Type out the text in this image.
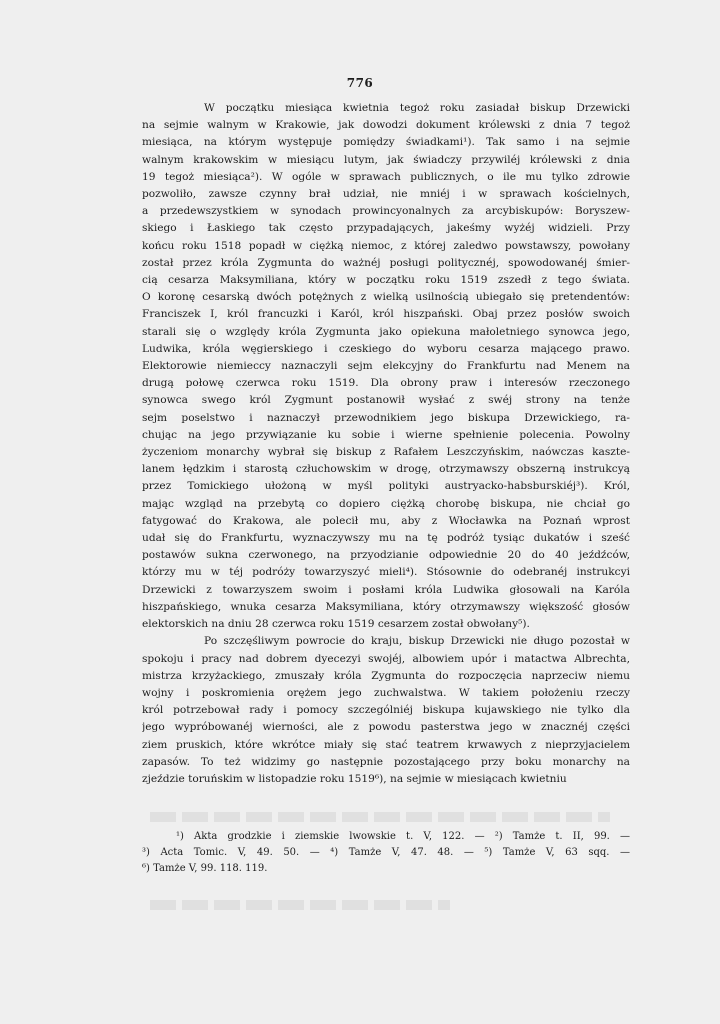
776
W początku miesiąca kwietnia tegoż roku zasiadał biskup Drzewicki
na sejmie walnym w Krakowie, jak dowodzi dokument królewski z dnia 7 tegoż
miesiąca, na którym występuje pomiędzy świadkami¹). Tak samo i na sejmie
walnym krakowskim w miesiącu lutym, jak świadczy przywiléj królewski z dnia
19 tegoż miesiąca²). W ogóle w sprawach publicznych, o ile mu tylko zdrowie
pozwoliło, zawsze czynny brał udział, nie mniéj i w sprawach kościelnych,
a przedewszystkiem w synodach prowincyonalnych za arcybiskupów: Boryszew-
skiego i Łaskiego tak często przypadających, jakeśmy wyżéj widzieli. Przy
końcu roku 1518 popadł w ciężką niemoc, z której zaledwo powstawszy, powołany
został przez króla Zygmunta do ważnéj posługi politycznéj, spowodowanéj śmier-
cią cesarza Maksymiliana, który w początku roku 1519 zszedł z tego świata.
O koronę cesarską dwóch potężnych z wielką usilnością ubiegało się pretendentów:
Franciszek I, król francuzki i Karól, król hiszpański. Obaj przez posłów swoich
starali się o względy króla Zygmunta jako opiekuna małoletniego synowca jego,
Ludwika, króla węgierskiego i czeskiego do wyboru cesarza mającego prawo.
Elektorowie niemieccy naznaczyli sejm elekcyjny do Frankfurtu nad Menem na
drugą połowę czerwca roku 1519. Dla obrony praw i interesów rzeczonego
synowca swego król Zygmunt postanowił wysłać z swéj strony na tenże
sejm poselstwo i naznaczył przewodnikiem jego biskupa Drzewickiego, ra-
chując na jego przywiązanie ku sobie i wierne spełnienie polecenia. Powolny
życzeniom monarchy wybrał się biskup z Rafałem Leszczyńskim, naówczas kaszte-
lanem łędzkim i starostą człuchowskim w drogę, otrzymawszy obszerną instrukcyą
przez Tomickiego ułożoną w myśl polityki austryacko-habsburskiéj³). Król,
mając wzgląd na przebytą co dopiero ciężką chorobę biskupa, nie chciał go
fatygować do Krakowa, ale polecił mu, aby z Włocławka na Poznań wprost
udał się do Frankfurtu, wyznaczywszy mu na tę podróż tysiąc dukatów i sześć
postawów sukna czerwonego, na przyodzianie odpowiednie 20 do 40 jeźdźców,
którzy mu w téj podróży towarzyszyć mieli⁴). Stósownie do odebranéj instrukcyi
Drzewicki z towarzyszem swoim i posłami króla Ludwika głosowali na Karóla
hiszpańskiego, wnuka cesarza Maksymiliana, który otrzymawszy większość głosów
elektorskich na dniu 28 czerwca roku 1519 cesarzem został obwołany⁵).
Po szczęśliwym powrocie do kraju, biskup Drzewicki nie długo pozostał w
spokoju i pracy nad dobrem dyecezyi swojéj, albowiem upór i matactwa Albrechta,
mistrza krzyżackiego, zmuszały króla Zygmunta do rozpoczęcia naprzeciw niemu
wojny i poskromienia orężem jego zuchwalstwa. W takiem położeniu rzeczy
król potrzebował rady i pomocy szczególniéj biskupa kujawskiego nie tylko dla
jego wypróbowanéj wierności, ale z powodu pasterstwa jego w znacznéj części
ziem pruskich, które wkrótce miały się stać teatrem krwawych z nieprzyjacielem
zapasów. To też widzimy go następnie pozostającego przy boku monarchy na
zjeździe toruńskim w listopadzie roku 1519⁶), na sejmie w miesiącach kwietniu
¹) Akta grodzkie i ziemskie lwowskie t. V, 122. — ²) Tamże t. II, 99. —
³) Acta Tomic. V, 49. 50. — ⁴) Tamże V, 47. 48. — ⁵) Tamże V, 63 sqq. —
⁶) Tamże V, 99. 118. 119.
